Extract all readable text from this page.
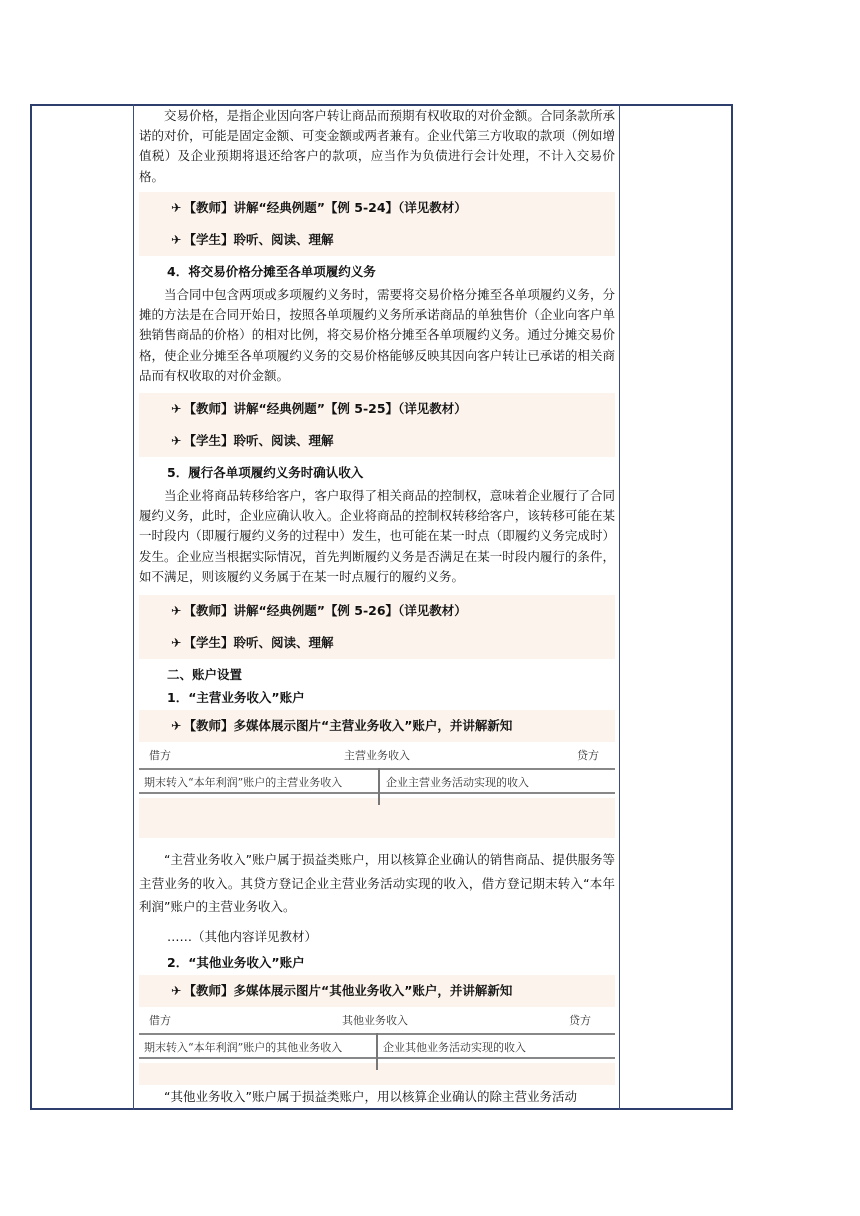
交易价格，是指企业因向客户转让商品而预期有权收取的对价金额。合同条款所承诺的对价，可能是固定金额、可变金额或两者兼有。企业代第三方收取的款项（例如增值税）及企业预期将退还给客户的款项，应当作为负债进行会计处理，不计入交易价格。

✈ 【教师】讲解“经典例题”【例 5-24】（详见教材）
✈ 【学生】聆听、阅读、理解
4．将交易价格分摊至各单项履约义务

当合同中包含两项或多项履约义务时，需要将交易价格分摊至各单项履约义务，分摊的方法是在合同开始日，按照各单项履约义务所承诺商品的单独售价（企业向客户单独销售商品的价格）的相对比例，将交易价格分摊至各单项履约义务。通过分摊交易价格，使企业分摊至各单项履约义务的交易价格能够反映其因向客户转让已承诺的相关商品而有权收取的对价金额。

✈ 【教师】讲解“经典例题”【例 5-25】（详见教材）
✈ 【学生】聆听、阅读、理解
5．履行各单项履约义务时确认收入

当企业将商品转移给客户，客户取得了相关商品的控制权，意味着企业履行了合同履约义务，此时，企业应确认收入。企业将商品的控制权转移给客户，该转移可能在某一时段内（即履行履约义务的过程中）发生，也可能在某一时点（即履约义务完成时）发生。企业应当根据实际情况，首先判断履约义务是否满足在某一时段内履行的条件，如不满足，则该履约义务属于在某一时点履行的履约义务。

✈ 【教师】讲解“经典例题”【例 5-26】（详见教材）
✈ 【学生】聆听、阅读、理解
二、账户设置
1．“主营业务收入”账户
✈ 【教师】多媒体展示图片“主营业务收入”账户，并讲解新知
借方	主营业务收入	贷方
期末转入“本年利润”账户的主营业务收入	企业主营业务活动实现的收入

“主营业务收入”账户属于损益类账户，用以核算企业确认的销售商品、提供服务等主营业务的收入。其贷方登记企业主营业务活动实现的收入，借方登记期末转入“本年利润”账户的主营业务收入。

……（其他内容详见教材）
2．“其他业务收入”账户
✈ 【教师】多媒体展示图片“其他业务收入”账户，并讲解新知
借方	其他业务收入	贷方
期末转入“本年利润”账户的其他业务收入	企业其他业务活动实现的收入

“其他业务收入”账户属于损益类账户，用以核算企业确认的除主营业务活动
